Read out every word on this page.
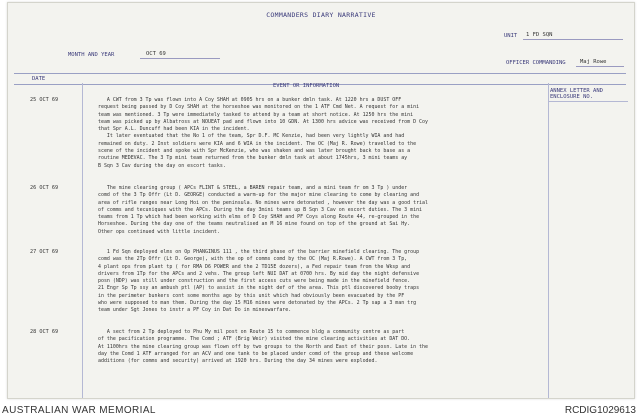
COMMANDERS DIARY NARRATIVE
UNIT 1 FD SQN
MONTH AND YEAR	OCT 69
OFFICER COMMANDING	Maj Rowe
DATE
EVENT OR INFORMATION
ANNEX LETTER AND ENCLOSURE NO.
25 OCT 69	A CWT from 3 Tp was flown into A Coy SHAH at 0905 hrs on a bunker dmln task. At 1220 hrs a DUST OFF
request being passed by D Coy SHAH at the horseshoe was monitored on the 1 ATF Cmd Net. A request for a mini
team was mentioned. 3 Tp were immediately tasked to attend by a team at short notice. At 1250 hrs the mini
team was picked up by Albatross at NOUEAT pad and flown into 10 GDN. At 1300 hrs advice was received from D Coy
that Spr A.L. Duncuff had been KIA in the incident.
It later eventuated that the No 1 of the team, Spr D.F. MC Kenzie, had been very lightly WIA and had
remained on duty. 2 Inst soldiers were KIA and 6 WIA in the incident. The OC (Maj R. Rowe) travelled to the
scene of the incident and spoke with Spr McKenzie, who was shaken and was later brought back to base as a
routine MEDEVAC. The 3 Tp mini team returned from the bunker dmln task at about 1745hrs, 3 mini teams ay
B Sqn 3 Cav during the day on escort tasks.
26 OCT 69	The mine clearing group ( APCs FLINT & STEEL, a BAREN repair team, and a mini team fr om 3 Tp ) under
comd of the 3 Tp Offr (Lt D. GEORGE) conducted a warm-up for the major mine clearing to come by clearing and
area of rifle ranges near Long Hoi on the peninsula. No mines were detonated , however the day was a good trial
of comms and tecuniques with the APCs. During the day 3mini teams up B Sqn 3 Cav on escort duties. The 3 mini
teams from 1 Tp which had been working with elms of D Coy SHAH and PF Coys along Route 44, re-grouped in the
Horseshoe. During the day one of the teams neutralised an M 16 mine found on top of the ground at Sai Hy.
Other ops continued with little incident.
27 OCT 69	1 Fd Sqn deployed elms on Op PHANGINUS 111 , the third phase of the barrier minefield clearing. The group
comd was the 2Tp Offr (Lt D. George), with the op of comms comd by the OC (Maj R.Rowe). A CWT from 3 Tp,
4 plant ops from plant tp ( for RMA D6 POWER and the 2 TD15E dozers), a Fed repair team from the Wksp and
drivers from 1Tp for the APCs and 2 vehs. The group left NUI DAT at 0700 hrs. By mid day the night defensive
posn (NDP) was still under construction and the first access cuts were being made in the minefield fence.
21 Engr Sp Tp ssy an ambush ptl (AP) to assist in the night def of the area. This ptl discovered booby traps
in the perimeter bunkers cont some months ago by this unit which had obviously been evacuated by the PF
who were supposed to man them. During the day 15 M16 mines were detonated by the APCs. 2 Tp sap a 3 man trg
team under Sgt Jones to instr a PF Coy in Dat Do in mineswarfare.
28 OCT 69	A sect from 2 Tp deployed to Phu My mil post on Route 15 to commence bldg a community centre as part
of the pacification programme. The Comd ; ATF (Brig Weir) visited the mine clearing activities at DAT DO.
At 1100hrs the mine clearing group was flown off by two groups to the North and East of their posn. Late in the
day the Comd 1 ATF arranged for an ACV and one tank to be placed under comd of the group and these welcome
additions (for comms and security) arrived at 1920 hrs. During the day 34 mines were exploded.
AUSTRALIAN WAR MEMORIAL	RCDIG1029613
